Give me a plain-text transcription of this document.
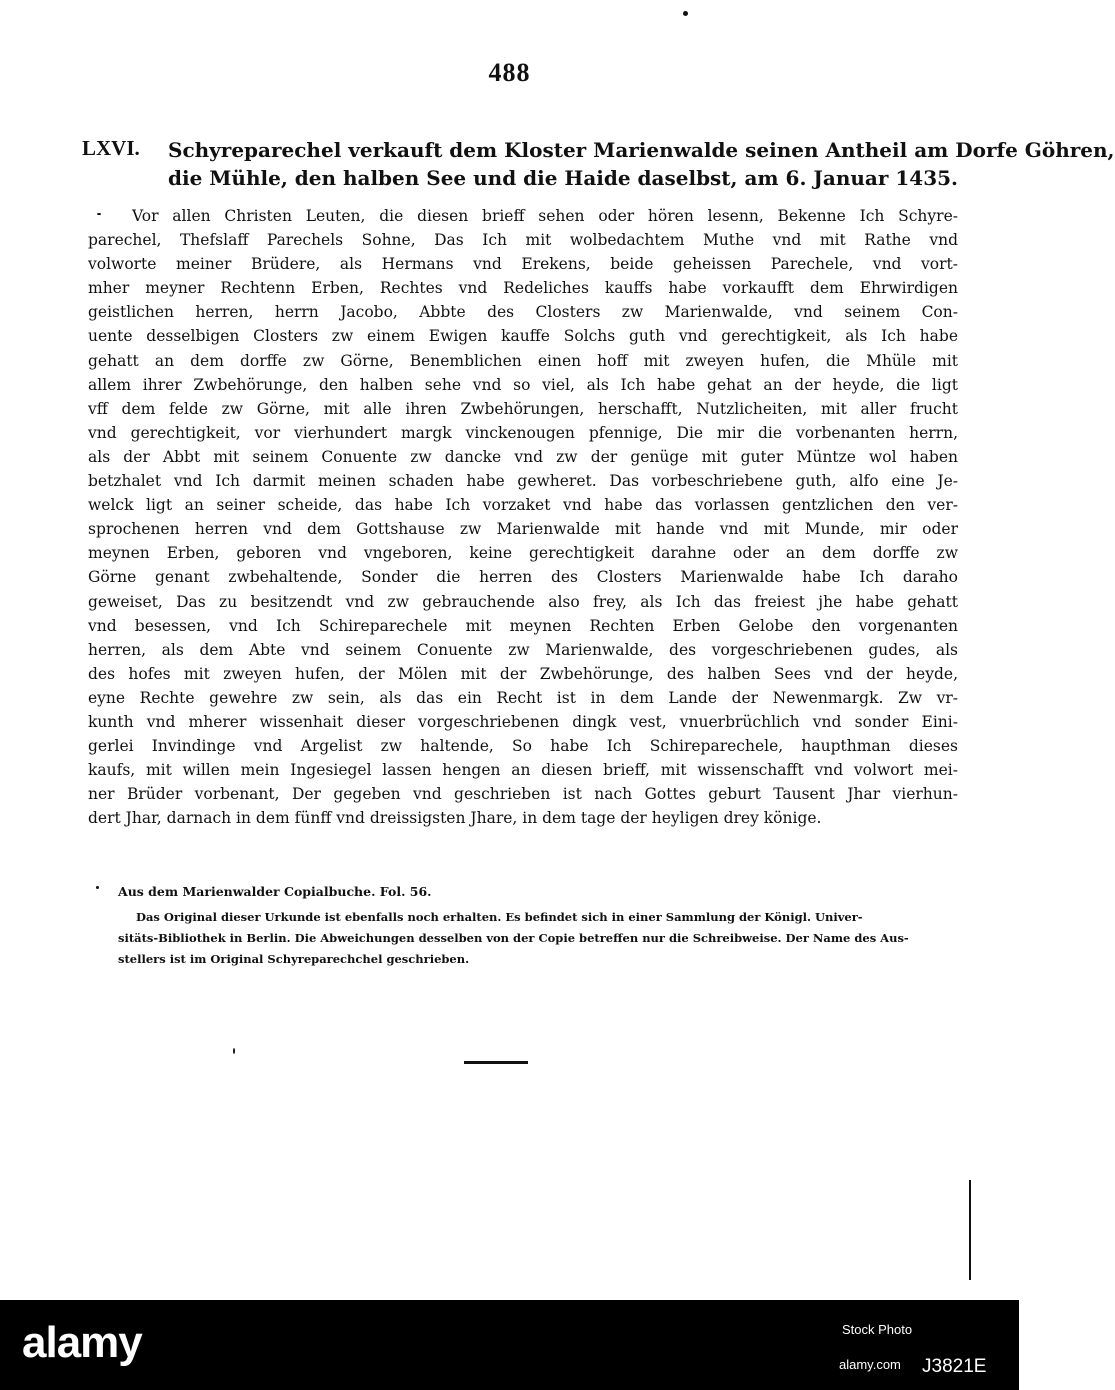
488
LXVI. Schyreparechel verkauft dem Kloster Marienwalde seinen Antheil am Dorfe Göhren,
die Mühle, den halben See und die Haide daselbst, am 6. Januar 1435.
Vor allen Christen Leuten, die diesen brieff sehen oder hören lesenn, Bekenne Ich Schyre-
parechel, Thefslaff Parechels Sohne, Das Ich mit wolbedachtem Muthe vnd mit Rathe vnd
volworte meiner Brüdere, als Hermans vnd Erekens, beide geheissen Parechele, vnd vort-
mher meyner Rechtenn Erben, Rechtes vnd Redeliches kauffs habe vorkaufft dem Ehrwirdigen
geistlichen herren, herrn Jacobo, Abbte des Closters zw Marienwalde, vnd seinem Con-
uente desselbigen Closters zw einem Ewigen kauffe Solchs guth vnd gerechtigkeit, als Ich habe
gehatt an dem dorffe zw Görne, Benemblichen einen hoff mit zweyen hufen, die Mhüle mit
allem ihrer Zwbehörunge, den halben sehe vnd so viel, als Ich habe gehat an der heyde, die ligt
vff dem felde zw Görne, mit alle ihren Zwbehörungen, herschafft, Nutzlicheiten, mit aller frucht
vnd gerechtigkeit, vor vierhundert margk vinckenougen pfennige, Die mir die vorbenanten herrn,
als der Abbt mit seinem Conuente zw dancke vnd zw der genüge mit guter Müntze wol haben
betzhalet vnd Ich darmit meinen schaden habe gewheret. Das vorbeschriebene guth, alfo eine Je-
welck ligt an seiner scheide, das habe Ich vorzaket vnd habe das vorlassen gentzlichen den ver-
sprochenen herren vnd dem Gottshause zw Marienwalde mit hande vnd mit Munde, mir oder
meynen Erben, geboren vnd vngeboren, keine gerechtigkeit darahne oder an dem dorffe zw
Görne genant zwbehaltende, Sonder die herren des Closters Marienwalde habe Ich daraho
geweiset, Das zu besitzendt vnd zw gebrauchende also frey, als Ich das freiest jhe habe gehatt
vnd besessen, vnd Ich Schireparechele mit meynen Rechten Erben Gelobe den vorgenanten
herren, als dem Abte vnd seinem Conuente zw Marienwalde, des vorgeschriebenen gudes, als
des hofes mit zweyen hufen, der Mölen mit der Zwbehörunge, des halben Sees vnd der heyde,
eyne Rechte gewehre zw sein, als das ein Recht ist in dem Lande der Newenmargk. Zw vr-
kunth vnd mherer wissenhait dieser vorgeschriebenen dingk vest, vnuerbrüchlich vnd sonder Eini-
gerlei Invindinge vnd Argelist zw haltende, So habe Ich Schireparechele, haupthman dieses
kaufs, mit willen mein Ingesiegel lassen hengen an diesen brieff, mit wissenschafft vnd volwort mei-
ner Brüder vorbenant, Der gegeben vnd geschrieben ist nach Gottes geburt Tausent Jhar vierhun-
dert Jhar, darnach in dem fünff vnd dreissigsten Jhare, in dem tage der heyligen drey könige.
Aus dem Marienwalder Copialbuche. Fol. 56.
Das Original dieser Urkunde ist ebenfalls noch erhalten. Es befindet sich in einer Sammlung der Königl. Univer-
sitäts-Bibliothek in Berlin. Die Abweichungen desselben von der Copie betreffen nur die Schreibweise. Der Name des Aus-
stellers ist im Original Schyreparechchel geschrieben.
alamy	Stock Photo
alamy.com J3821E
